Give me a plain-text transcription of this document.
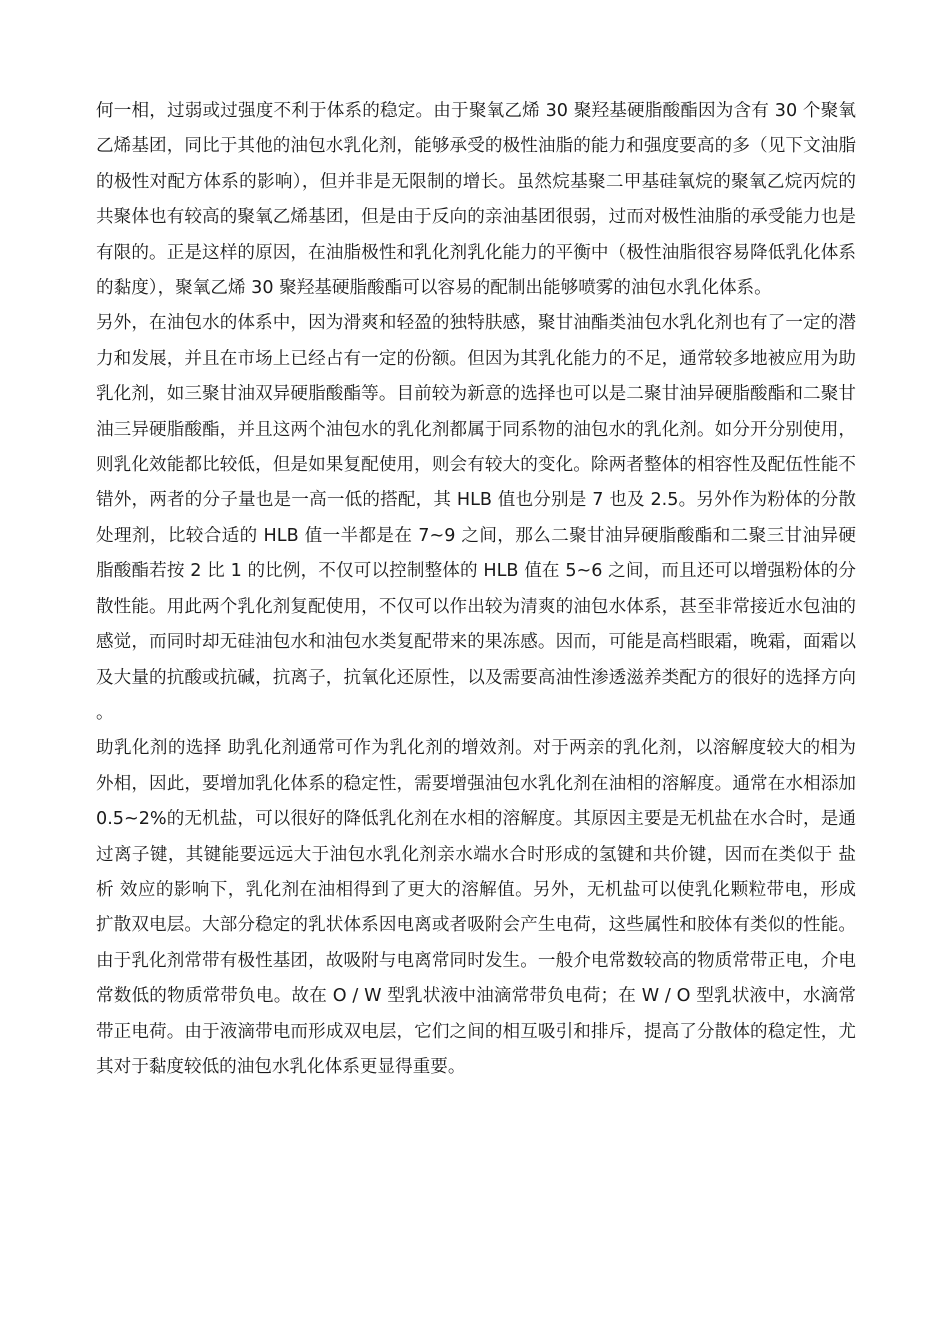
何一相，过弱或过强度不利于体系的稳定。由于聚氧乙烯 30 聚羟基硬脂酸酯因为含有 30 个聚氧乙烯基团，同比于其他的油包水乳化剂，能够承受的极性油脂的能力和强度要高的多（见下文油脂的极性对配方体系的影响），但并非是无限制的增长。虽然烷基聚二甲基硅氧烷的聚氧乙烷丙烷的共聚体也有较高的聚氧乙烯基团，但是由于反向的亲油基团很弱，过而对极性油脂的承受能力也是有限的。正是这样的原因，在油脂极性和乳化剂乳化能力的平衡中（极性油脂很容易降低乳化体系的黏度），聚氧乙烯 30 聚羟基硬脂酸酯可以容易的配制出能够喷雾的油包水乳化体系。

另外，在油包水的体系中，因为滑爽和轻盈的独特肤感，聚甘油酯类油包水乳化剂也有了一定的潜力和发展，并且在市场上已经占有一定的份额。但因为其乳化能力的不足，通常较多地被应用为助乳化剂，如三聚甘油双异硬脂酸酯等。目前较为新意的选择也可以是二聚甘油异硬脂酸酯和二聚甘油三异硬脂酸酯，并且这两个油包水的乳化剂都属于同系物的油包水的乳化剂。如分开分别使用，则乳化效能都比较低，但是如果复配使用，则会有较大的变化。除两者整体的相容性及配伍性能不错外，两者的分子量也是一高一低的搭配，其 HLB 值也分别是 7 也及 2.5。另外作为粉体的分散处理剂，比较合适的 HLB 值一半都是在 7~9 之间，那么二聚甘油异硬脂酸酯和二聚三甘油异硬脂酸酯若按 2 比 1 的比例，不仅可以控制整体的 HLB 值在 5~6 之间，而且还可以增强粉体的分散性能。用此两个乳化剂复配使用，不仅可以作出较为清爽的油包水体系，甚至非常接近水包油的感觉，而同时却无硅油包水和油包水类复配带来的果冻感。因而，可能是高档眼霜，晚霜，面霜以及大量的抗酸或抗碱，抗离子，抗氧化还原性，以及需要高油性渗透滋养类配方的很好的选择方向。

助乳化剂的选择 助乳化剂通常可作为乳化剂的增效剂。对于两亲的乳化剂，以溶解度较大的相为外相，因此，要增加乳化体系的稳定性，需要增强油包水乳化剂在油相的溶解度。通常在水相添加 0.5~2%的无机盐，可以很好的降低乳化剂在水相的溶解度。其原因主要是无机盐在水合时，是通过离子键，其键能要远远大于油包水乳化剂亲水端水合时形成的氢键和共价键，因而在类似于 盐析 效应的影响下，乳化剂在油相得到了更大的溶解值。另外，无机盐可以使乳化颗粒带电，形成扩散双电层。大部分稳定的乳状体系因电离或者吸附会产生电荷，这些属性和胶体有类似的性能。由于乳化剂常带有极性基团，故吸附与电离常同时发生。一般介电常数较高的物质常带正电，介电常数低的物质常带负电。故在 O / W 型乳状液中油滴常带负电荷；在 W / O 型乳状液中，水滴常带正电荷。由于液滴带电而形成双电层，它们之间的相互吸引和排斥，提高了分散体的稳定性，尤其对于黏度较低的油包水乳化体系更显得重要。
